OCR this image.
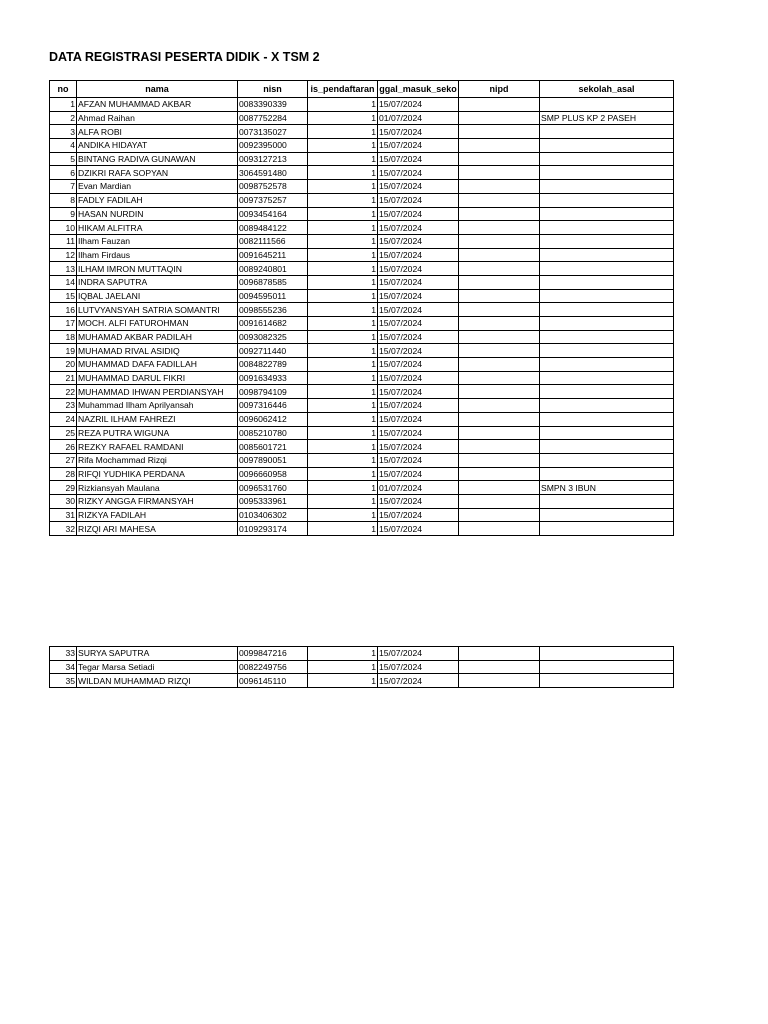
DATA REGISTRASI PESERTA DIDIK - X TSM 2
no	nama	nisn	is_pendaftaran	ggal_masuk_seko	nipd	sekolah_asal
1	AFZAN MUHAMMAD AKBAR	0083390339	1	15/07/2024		
2	Ahmad Raihan	0087752284	1	01/07/2024		SMP PLUS KP 2 PASEH
3	ALFA ROBI	0073135027	1	15/07/2024		
4	ANDIKA HIDAYAT	0092395000	1	15/07/2024		
5	BINTANG RADIVA GUNAWAN	0093127213	1	15/07/2024		
6	DZIKRI RAFA SOPYAN	3064591480	1	15/07/2024		
7	Evan Mardian	0098752578	1	15/07/2024		
8	FADLY FADILAH	0097375257	1	15/07/2024		
9	HASAN NURDIN	0093454164	1	15/07/2024		
10	HIKAM ALFITRA	0089484122	1	15/07/2024		
11	Ilham Fauzan	0082111566	1	15/07/2024		
12	Ilham Firdaus	0091645211	1	15/07/2024		
13	ILHAM IMRON MUTTAQIN	0089240801	1	15/07/2024		
14	INDRA SAPUTRA	0096878585	1	15/07/2024		
15	IQBAL JAELANI	0094595011	1	15/07/2024		
16	LUTVYANSYAH SATRIA SOMANTRI	0098555236	1	15/07/2024		
17	MOCH. ALFI FATUROHMAN	0091614682	1	15/07/2024		
18	MUHAMAD AKBAR PADILAH	0093082325	1	15/07/2024		
19	MUHAMAD RIVAL ASIDIQ	0092711440	1	15/07/2024		
20	MUHAMMAD DAFA FADILLAH	0084822789	1	15/07/2024		
21	MUHAMMAD DARUL FIKRI	0091634933	1	15/07/2024		
22	MUHAMMAD IHWAN PERDIANSYAH	0098794109	1	15/07/2024		
23	Muhammad Ilham Aprilyansah	0097316446	1	15/07/2024		
24	NAZRIL ILHAM FAHREZI	0096062412	1	15/07/2024		
25	REZA PUTRA WIGUNA	0085210780	1	15/07/2024		
26	REZKY RAFAEL RAMDANI	0085601721	1	15/07/2024		
27	Rifa Mochammad Rizqi	0097890051	1	15/07/2024		
28	RIFQI YUDHIKA PERDANA	0096660958	1	15/07/2024		
29	Rizkiansyah Maulana	0096531760	1	01/07/2024		SMPN 3 IBUN
30	RIZKY ANGGA FIRMANSYAH	0095333961	1	15/07/2024		
31	RIZKYA FADILAH	0103406302	1	15/07/2024		
32	RIZQI ARI MAHESA	0109293174	1	15/07/2024		
33	SURYA SAPUTRA	0099847216	1	15/07/2024		
34	Tegar Marsa Setiadi	0082249756	1	15/07/2024		
35	WILDAN MUHAMMAD RIZQI	0096145110	1	15/07/2024		
